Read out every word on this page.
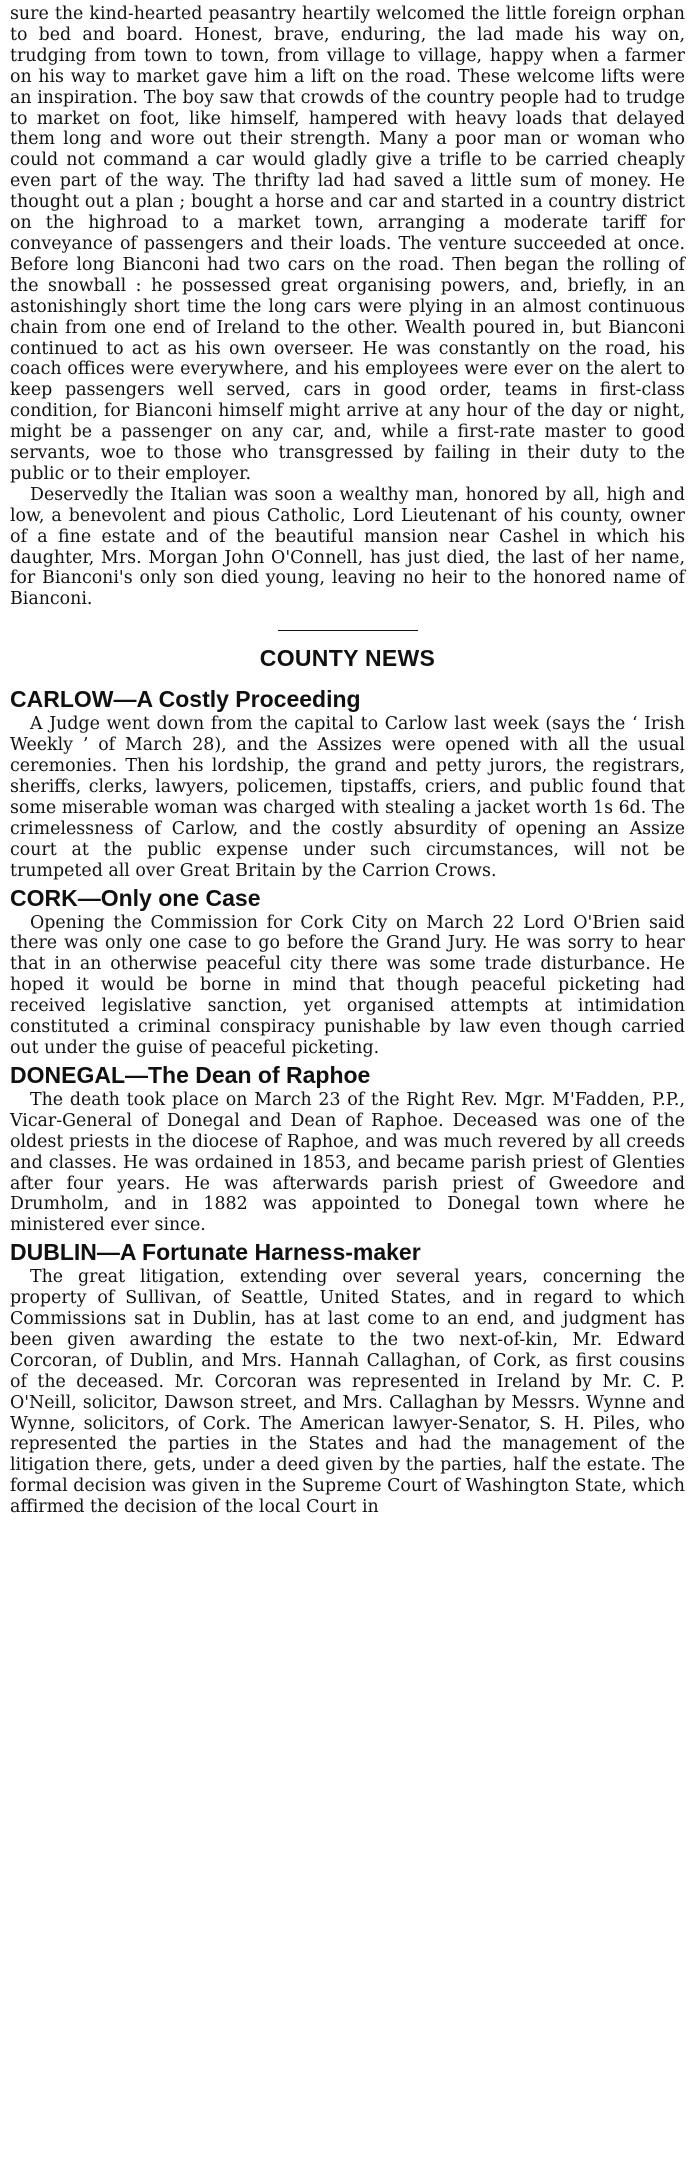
sure the kind-hearted peasantry heartily welcomed the little foreign orphan to bed and board. Honest, brave, enduring, the lad made his way on, trudging from town to town, from village to village, happy when a farmer on his way to market gave him a lift on the road. These welcome lifts were an inspiration. The boy saw that crowds of the country people had to trudge to market on foot, like himself, hampered with heavy loads that delayed them long and wore out their strength. Many a poor man or woman who could not command a car would gladly give a trifle to be carried cheaply even part of the way. The thrifty lad had saved a little sum of money. He thought out a plan ; bought a horse and car and started in a country district on the highroad to a market town, arranging a moderate tariff for conveyance of passengers and their loads. The venture succeeded at once. Before long Bianconi had two cars on the road. Then began the rolling of the snowball : he possessed great organising powers, and, briefly, in an astonishingly short time the long cars were plying in an almost continuous chain from one end of Ireland to the other. Wealth poured in, but Bianconi continued to act as his own overseer. He was constantly on the road, his coach offices were everywhere, and his employees were ever on the alert to keep passengers well served, cars in good order, teams in first-class condition, for Bianconi himself might arrive at any hour of the day or night, might be a passenger on any car, and, while a first-rate master to good servants, woe to those who transgressed by failing in their duty to the public or to their employer.

Deservedly the Italian was soon a wealthy man, honored by all, high and low, a benevolent and pious Catholic, Lord Lieutenant of his county, owner of a fine estate and of the beautiful mansion near Cashel in which his daughter, Mrs. Morgan John O'Connell, has just died, the last of her name, for Bianconi's only son died young, leaving no heir to the honored name of Bianconi.

COUNTY NEWS
CARLOW—A Costly Proceeding

A Judge went down from the capital to Carlow last week (says the ‘ Irish Weekly ’ of March 28), and the Assizes were opened with all the usual ceremonies. Then his lordship, the grand and petty jurors, the registrars, sheriffs, clerks, lawyers, policemen, tipstaffs, criers, and public found that some miserable woman was charged with stealing a jacket worth 1s 6d. The crimelessness of Carlow, and the costly absurdity of opening an Assize court at the public expense under such circumstances, will not be trumpeted all over Great Britain by the Carrion Crows.

CORK—Only one Case

Opening the Commission for Cork City on March 22 Lord O'Brien said there was only one case to go before the Grand Jury. He was sorry to hear that in an otherwise peaceful city there was some trade disturbance. He hoped it would be borne in mind that though peaceful picketing had received legislative sanction, yet organised attempts at intimidation constituted a criminal conspiracy punishable by law even though carried out under the guise of peaceful picketing.

DONEGAL—The Dean of Raphoe

The death took place on March 23 of the Right Rev. Mgr. M'Fadden, P.P., Vicar-General of Donegal and Dean of Raphoe. Deceased was one of the oldest priests in the diocese of Raphoe, and was much revered by all creeds and classes. He was ordained in 1853, and became parish priest of Glenties after four years. He was afterwards parish priest of Gweedore and Drumholm, and in 1882 was appointed to Donegal town where he ministered ever since.

DUBLIN—A Fortunate Harness-maker

The great litigation, extending over several years, concerning the property of Sullivan, of Seattle, United States, and in regard to which Commissions sat in Dublin, has at last come to an end, and judgment has been given awarding the estate to the two next-of-kin, Mr. Edward Corcoran, of Dublin, and Mrs. Hannah Callaghan, of Cork, as first cousins of the deceased. Mr. Corcoran was represented in Ireland by Mr. C. P. O'Neill, solicitor, Dawson street, and Mrs. Callaghan by Messrs. Wynne and Wynne, solicitors, of Cork. The American lawyer-Senator, S. H. Piles, who represented the parties in the States and had the management of the litigation there, gets, under a deed given by the parties, half the estate. The formal decision was given in the Supreme Court of Washington State, which affirmed the decision of the local Court in
